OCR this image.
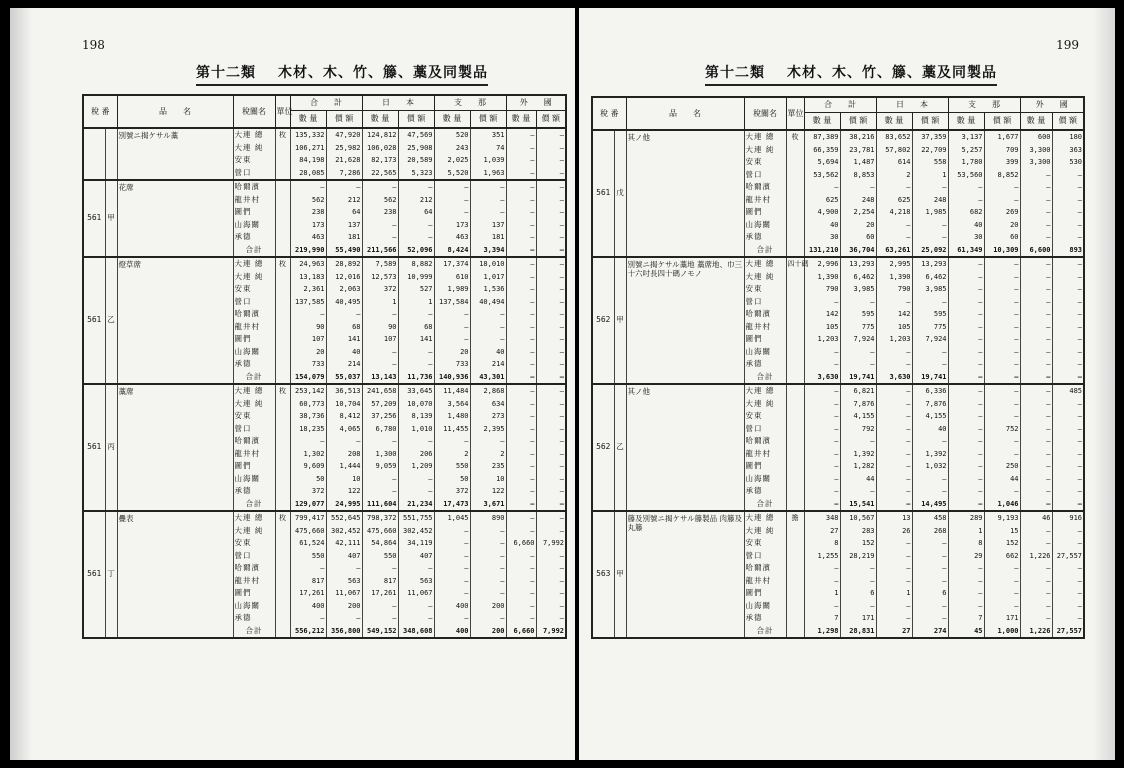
198
第十二類 木材、木、竹、籐、藁及同製品
稅 番		品　　名	稅關名	單位	合　　計		日　　本		支　　那		外　　國	
					數 量	價 額	數 量	價 額	數 量	價 額	數 量	價 額
		別號ニ揭ケサル藁	大連 總	枚	135,332	47,920	124,812	47,569	520	351	—	—
			大連 純		106,271	25,982	106,028	25,908	243	74	—	—
			安東		84,198	21,628	82,173	20,589	2,025	1,039	—	—
			營口		28,085	7,286	22,565	5,323	5,520	1,963	—	—
561	甲	花蓆	哈爾濱		—	—	—	—	—	—	—	—
			龍井村		562	212	562	212	—	—	—	—
			圖們		238	64	238	64	—	—	—	—
			山海關		173	137	—	—	173	137	—	—
			承德		463	181	—	—	463	181	—	—
			合計		219,990	55,490	211,566	52,096	8,424	3,394	—	—
561	乙	燈草蓆	大連 總	枚	24,963	28,892	7,589	8,882	17,374	18,010	—	—
			大連 純		13,183	12,016	12,573	10,999	610	1,017	—	—
			安東		2,361	2,063	372	527	1,989	1,536	—	—
			營口		137,585	40,495	1	1	137,584	40,494	—	—
			哈爾濱		—	—	—	—	—	—	—	—
			龍井村		90	68	90	68	—	—	—	—
			圖們		107	141	107	141	—	—	—	—
			山海關		20	40	—	—	20	40	—	—
			承德		733	214	—	—	733	214	—	—
			合計		154,079	55,037	13,143	11,736	140,936	43,301	—	—
561	丙	藁蓆	大連 總	枚	253,142	36,513	241,658	33,645	11,484	2,868	—	—
			大連 純		60,773	10,704	57,209	10,070	3,564	634	—	—
			安東		38,736	8,412	37,256	8,139	1,480	273	—	—
			營口		18,235	4,065	6,780	1,010	11,455	2,395	—	—
			哈爾濱		—	—	—	—	—	—	—	—
			龍井村		1,302	208	1,300	206	2	2	—	—
			圖們		9,609	1,444	9,059	1,209	550	235	—	—
			山海關		50	10	—	—	50	10	—	—
			承德		372	122	—	—	372	122	—	—
			合計		129,077	24,995	111,604	21,234	17,473	3,671	—	—
561	丁	疊表	大連 總	枚	799,417	552,645	798,372	551,755	1,045	890	—	—
			大連 純		475,660	302,452	475,660	302,452	—	—	—	—
			安東		61,524	42,111	54,864	34,119	—	—	6,660	7,992
			營口		550	407	550	407	—	—	—	—
			哈爾濱		—	—	—	—	—	—	—	—
			龍井村		817	563	817	563	—	—	—	—
			圖們		17,261	11,067	17,261	11,067	—	—	—	—
			山海關		400	200	—	—	400	200	—	—
			承德		—	—	—	—	—	—	—	—
			合計		556,212	356,800	549,152	348,608	400	200	6,660	7,992
199
第十二類 木材、木、竹、籐、藁及同製品
稅 番		品　　名	稅關名	單位	合　　計		日　　本		支　　那		外　　國	
					數 量	價 額	數 量	價 額	數 量	價 額	數 量	價 額
561	戊	其ノ他	大連 總	枚	87,389	38,216	83,652	37,359	3,137	1,677	600	180
			大連 純		66,359	23,781	57,802	22,709	5,257	709	3,300	363
			安東		5,694	1,487	614	558	1,780	399	3,300	530
			營口		53,562	8,853	2	1	53,560	8,852	—	—
			哈爾濱		—	—	—	—	—	—	—	—
			龍井村		625	248	625	248	—	—	—	—
			圖們		4,900	2,254	4,218	1,985	682	269	—	—
			山海關		40	20	—	—	40	20	—	—
			承德		30	60	—	—	30	60	—	—
			合計		131,210	36,704	63,261	25,092	61,349	10,309	6,600	893
562	甲	別號ニ揭ケサル藁地 藁蓆地、巾三十六吋長四十碼ノモノ	大連 總	四十碼	2,996	13,293	2,995	13,293	—	—	—	—
			大連 純		1,390	6,462	1,390	6,462	—	—	—	—
			安東		790	3,985	790	3,985	—	—	—	—
			營口		—	—	—	—	—	—	—	—
			哈爾濱		142	595	142	595	—	—	—	—
			龍井村		105	775	105	775	—	—	—	—
			圖們		1,203	7,924	1,203	7,924	—	—	—	—
			山海關		—	—	—	—	—	—	—	—
			承德		—	—	—	—	—	—	—	—
			合計		3,630	19,741	3,630	19,741	—	—	—	—
562	乙	其ノ他	大連 總		—	6,821	—	6,336	—	—	—	485
			大連 純		—	7,876	—	7,876	—	—	—	—
			安東		—	4,155	—	4,155	—	—	—	—
			營口		—	792	—	40	—	752	—	—
			哈爾濱		—	—	—	—	—	—	—	—
			龍井村		—	1,392	—	1,392	—	—	—	—
			圖們		—	1,282	—	1,032	—	250	—	—
			山海關		—	44	—	—	—	44	—	—
			承德		—	—	—	—	—	—	—	—
			合計		—	15,541	—	14,495	—	1,046	—	—
563	甲	籐及別號ニ揭ケサル籐製品 肉籐及丸籐	大連 總	擔	348	10,567	13	458	289	9,193	46	916
			大連 純		27	283	26	268	1	15	—	—
			安東		8	152	—	—	8	152	—	—
			營口		1,255	28,219	—	—	29	662	1,226	27,557
			哈爾濱		—	—	—	—	—	—	—	—
			龍井村		—	—	—	—	—	—	—	—
			圖們		1	6	1	6	—	—	—	—
			山海關		—	—	—	—	—	—	—	—
			承德		7	171	—	—	7	171	—	—
			合計		1,298	28,831	27	274	45	1,000	1,226	27,557
